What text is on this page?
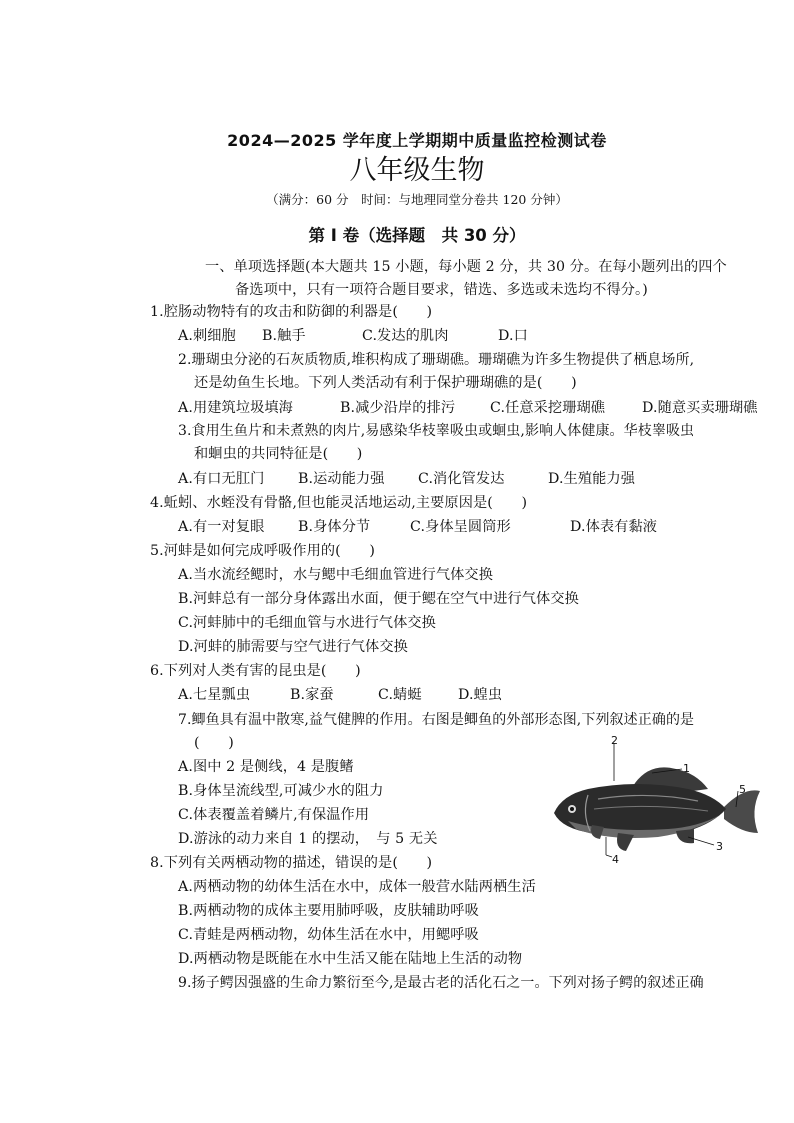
2024—2025 学年度上学期期中质量监控检测试卷
八年级生物
（满分：60 分　时间：与地理同堂分卷共 120 分钟）
第 Ⅰ 卷（选择题　共 30 分）
一、单项选择题(本大题共 15 小题，每小题 2 分，共 30 分。在每小题列出的四个
备选项中，只有一项符合题目要求，错选、多选或未选均不得分。)
1.腔肠动物特有的攻击和防御的利器是(　　)
A.刺细胞 B.触手	C.发达的肌肉	D.口
2.珊瑚虫分泌的石灰质物质,堆积构成了珊瑚礁。珊瑚礁为许多生物提供了栖息场所,
还是幼鱼生长地。下列人类活动有利于保护珊瑚礁的是(　　)
A.用建筑垃圾填海	B.减少沿岸的排污 C.任意采挖珊瑚礁	D.随意买卖珊瑚礁
3.食用生鱼片和未煮熟的肉片,易感染华枝睾吸虫或蛔虫,影响人体健康。华枝睾吸虫
和蛔虫的共同特征是(　　)
A.有口无肛门 B.运动能力强 C.消化管发达	D.生殖能力强
4.蚯蚓、水蛭没有骨骼,但也能灵活地运动,主要原因是(　　)
A.有一对复眼 B.身体分节	C.身体呈圆筒形	D.体表有黏液
5.河蚌是如何完成呼吸作用的(　　)
A.当水流经鳃时，水与鳃中毛细血管进行气体交换
B.河蚌总有一部分身体露出水面，便于鳃在空气中进行气体交换
C.河蚌肺中的毛细血管与水进行气体交换
D.河蚌的肺需要与空气进行气体交换
6.下列对人类有害的昆虫是(　　)
A.七星瓢虫	B.家蚕	C.蜻蜓	D.蝗虫
7.鲫鱼具有温中散寒,益气健脾的作用。右图是鲫鱼的外部形态图,下列叙述正确的是
(　　)
A.图中 2 是侧线，4 是腹鳍
B.身体呈流线型,可减少水的阻力
C.体表覆盖着鳞片,有保温作用
D.游泳的动力来自 1 的摆动，　与 5 无关
1
2
3
4
5
8.下列有关两栖动物的描述，错误的是(　　)
A.两栖动物的幼体生活在水中，成体一般营水陆两栖生活
B.两栖动物的成体主要用肺呼吸，皮肤辅助呼吸
C.青蛙是两栖动物，幼体生活在水中，用鳃呼吸
D.两栖动物是既能在水中生活又能在陆地上生活的动物
9.扬子鳄因强盛的生命力繁衍至今,是最古老的活化石之一。下列对扬子鳄的叙述正确
